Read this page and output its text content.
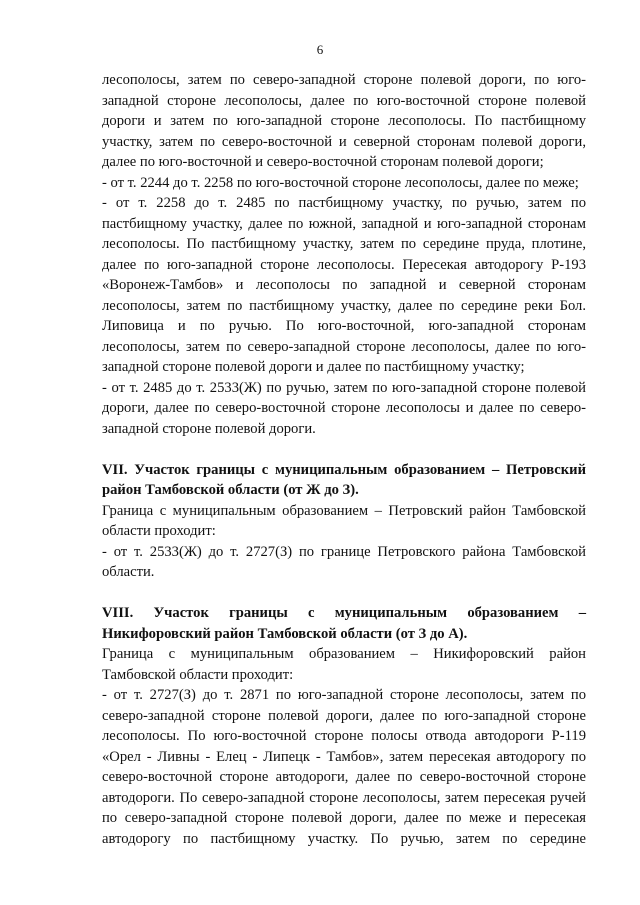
6
лесополосы, затем по северо-западной стороне полевой дороги, по юго-
западной стороне лесополосы, далее по юго-восточной стороне полевой
дороги и затем по юго-западной стороне лесополосы. По пастбищному
участку, затем по северо-восточной и северной сторонам полевой дороги,
далее по юго-восточной и северо-восточной сторонам полевой дороги;
- от т. 2244 до т. 2258 по юго-восточной стороне лесополосы, далее по меже;
- от т. 2258 до т. 2485 по пастбищному участку, по ручью, затем по
пастбищному участку, далее по южной, западной и юго-западной сторонам
лесополосы. По пастбищному участку, затем по середине пруда, плотине,
далее по юго-западной стороне лесополосы. Пересекая автодорогу Р-193
«Воронеж-Тамбов» и лесополосы по западной и северной сторонам
лесополосы, затем по пастбищному участку, далее по середине реки Бол.
Липовица и по ручью. По юго-восточной, юго-западной сторонам
лесополосы, затем по северо-западной стороне лесополосы, далее по юго-
западной стороне полевой дороги и далее по пастбищному участку;
- от т. 2485 до т. 2533(Ж) по ручью, затем по юго-западной стороне полевой
дороги, далее по северо-восточной стороне лесополосы и далее по северо-
западной стороне полевой дороги.
VII. Участок границы с муниципальным образованием – Петровский
район Тамбовской области (от Ж до З).
Граница с муниципальным образованием – Петровский район Тамбовской
области проходит:
- от т. 2533(Ж) до т. 2727(З) по границе Петровского района Тамбовской
области.
VIII. Участок границы с муниципальным образованием –
Никифоровский район Тамбовской области (от З до А).
Граница с муниципальным образованием – Никифоровский район
Тамбовской области проходит:
- от т. 2727(З) до т. 2871 по юго-западной стороне лесополосы, затем по
северо-западной стороне полевой дороги, далее по юго-западной стороне
лесополосы. По юго-восточной стороне полосы отвода автодороги Р-119
«Орел - Ливны - Елец - Липецк - Тамбов», затем пересекая автодорогу по
северо-восточной стороне автодороги, далее по северо-восточной стороне
автодороги. По северо-западной стороне лесополосы, затем пересекая ручей
по северо-западной стороне полевой дороги, далее по меже и пересекая
автодорогу по пастбищному участку. По ручью, затем по середине
